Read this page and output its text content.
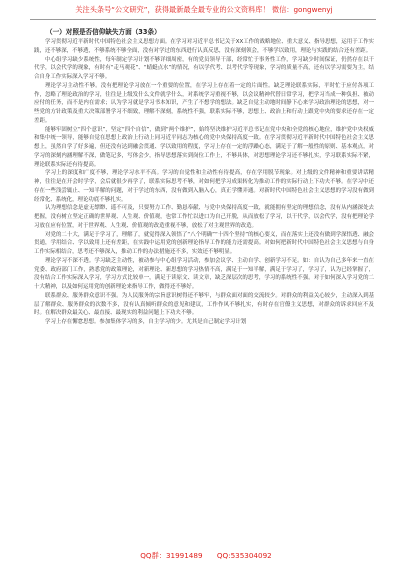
关注头条号“公文研究”，获得最新最全最专业的公文资料库！ 微信：gongwenyj
（一）对照是否信仰缺失方面（33条）

学习贯彻习近平新时代中国特色社会主义思想方面。在学习对习近平总书记关于XX工作的战略地位、重大意义、指导思想，运用于工作实践，还不够深，不够透，不够系统不够全面，没有对学过的东西进行认真反思，没有深刻领会，不够学以致用，理论与实践的结合还有差距。

中心组学习缺少系统性，每年制定学习计划不够详细周密，有的党员领导干部，经常忙于事务性工作，学习缺少时间保证，仍然存在以干代学，以会代学的现象，有时有“走马观花”、“蜻蜓点水”的情况，有以学代考、以考代学等现象，学习的质量不高，还有以学习需要为主，结合自身工作实际深入学习不够。

理论学习主动性不够。没有把理论学习放在一个重要的位置，在学习上存在着一定的片面性。缺乏理论联系实际，平时忙于应付各项工作，忽略了理论政治的学习，往往是上级发什么文件就学什么，对系统学习重视不够，以会议精神代替日常学习，把学习当成一种负担、被动应付的任务，而不是内在需求；认为学习就是学习书本知识，产生了不想学的想法。缺乏自觉主动地时间静下心来学习政治理论的思想，对一些党的方针政策及重大决策部署学习不细致，理解不深刻，系统性不强，联系实际不够，思想上、政治上和行动上跟党中央的要求还存在一定差距。

能够牢固树立“四个意识”，坚定“四个自信”，做到“两个维护”，始终坚决维护习近平总书记在党中央和全党的核心地位，维护党中央权威和集中统一领导，能够自觉在思想上政治上行动上同习近平同志为核心的党中央保持高度一致。在学习贯彻习近平新时代中国特色社会主义思想上，虽然自学了好多遍，但还没有达到融会贯通、学以致用的程度，学习上存在一定的浮躁心态，满足于了解一般性的原则、基本观点，对学习的深刻内涵理解不深，做笔记多，写体会少，指导思想落实到岗位工作上，不够具体，对思想理论学习还不够扎实，学习联系实际不紧，理论联系实际还有待提高。

学习上的深度和广度不够，理论学习水平不高。学习的自觉性和主动性有待提高，存在学用脱节现象。对上级的文件精神和重要讲话精神，往往是在开会时学学，会后就很少再学了，联系实际思考不够，对如何把学习成果转化为推动工作的实际行动上下功夫不够。在学习中还存在一些浅尝辄止、一知半解的问题，对于学过的东西，没有做到入脑入心，真正学懂弄通。对新时代中国特色社会主义思想的学习没有做到经常化、系统化，理论功底不够扎实。

认为理想信念是虚无缥缈、遥不可及，只要努力工作、勤恳奉献、与党中央保持高度一致，就能拥有坚定的理想信念，没有从内涵深处去把握，没有树立坚定正确的世界观、人生观、价值观，也常工作忙以进口为自己开脱，从而放松了学习，以干代学，以会代学，没有把理论学习放在应有位置，对于世界观、人生观、价值观的改造重视不够，放松了对主观世界的改造。

对党的二十大，满足于学习了，理解了，就觉得深入领悟了“八个明确”“十四个坚持”的核心要义，而在落实上还没有做到学深悟透、融会贯通，学用结合、学以致用上还有差距，在实践中运用党的创新理论指导工作的能力还需提高。对如何把新时代中国特色社会主义思想与自身工作实际相结合，思考还不够深入，推动工作的办法措施还不多，实效还不够明显。

理论学习不深不透。学习缺乏主动性，被动参与中心组学习活动，参加会议学、主动自学、创新学习不足。如：自认为自己多年来一直在党委、政府部门工作，熟悉党的政策理论，对新理论、新思想的学习热情不高，满足于一知半解，满足于学习了，学习了，认为已经掌握了，没有结合工作实际深入学习，学习方式比较单一，满足于读原文、读文章，缺乏深层次的思考，学习的系统性不强。对于如何深入学习党的二十大精神，以及如何运用党的创新理论来指导工作，做得还不够好。

联系群众、服务群众意识不强。为人民服务的宗旨意识树得还不够牢，与群众面对面的交流较少。对群众的利益关心较少，主动深入到基层了解群众、服务群众的次数不多，没有认真倾听群众的意见和建议，工作作风不够扎实，有时存在官僚主义思想，对群众的诉求回应不及时。在解决群众最关心、最直接、最现实的利益问题上下功夫不够。

学习上存在懈怠思想。参加集体学习的多，自主学习的少。尤其是自己制定学习计划

QQ群：31991489 QQ:535304092
